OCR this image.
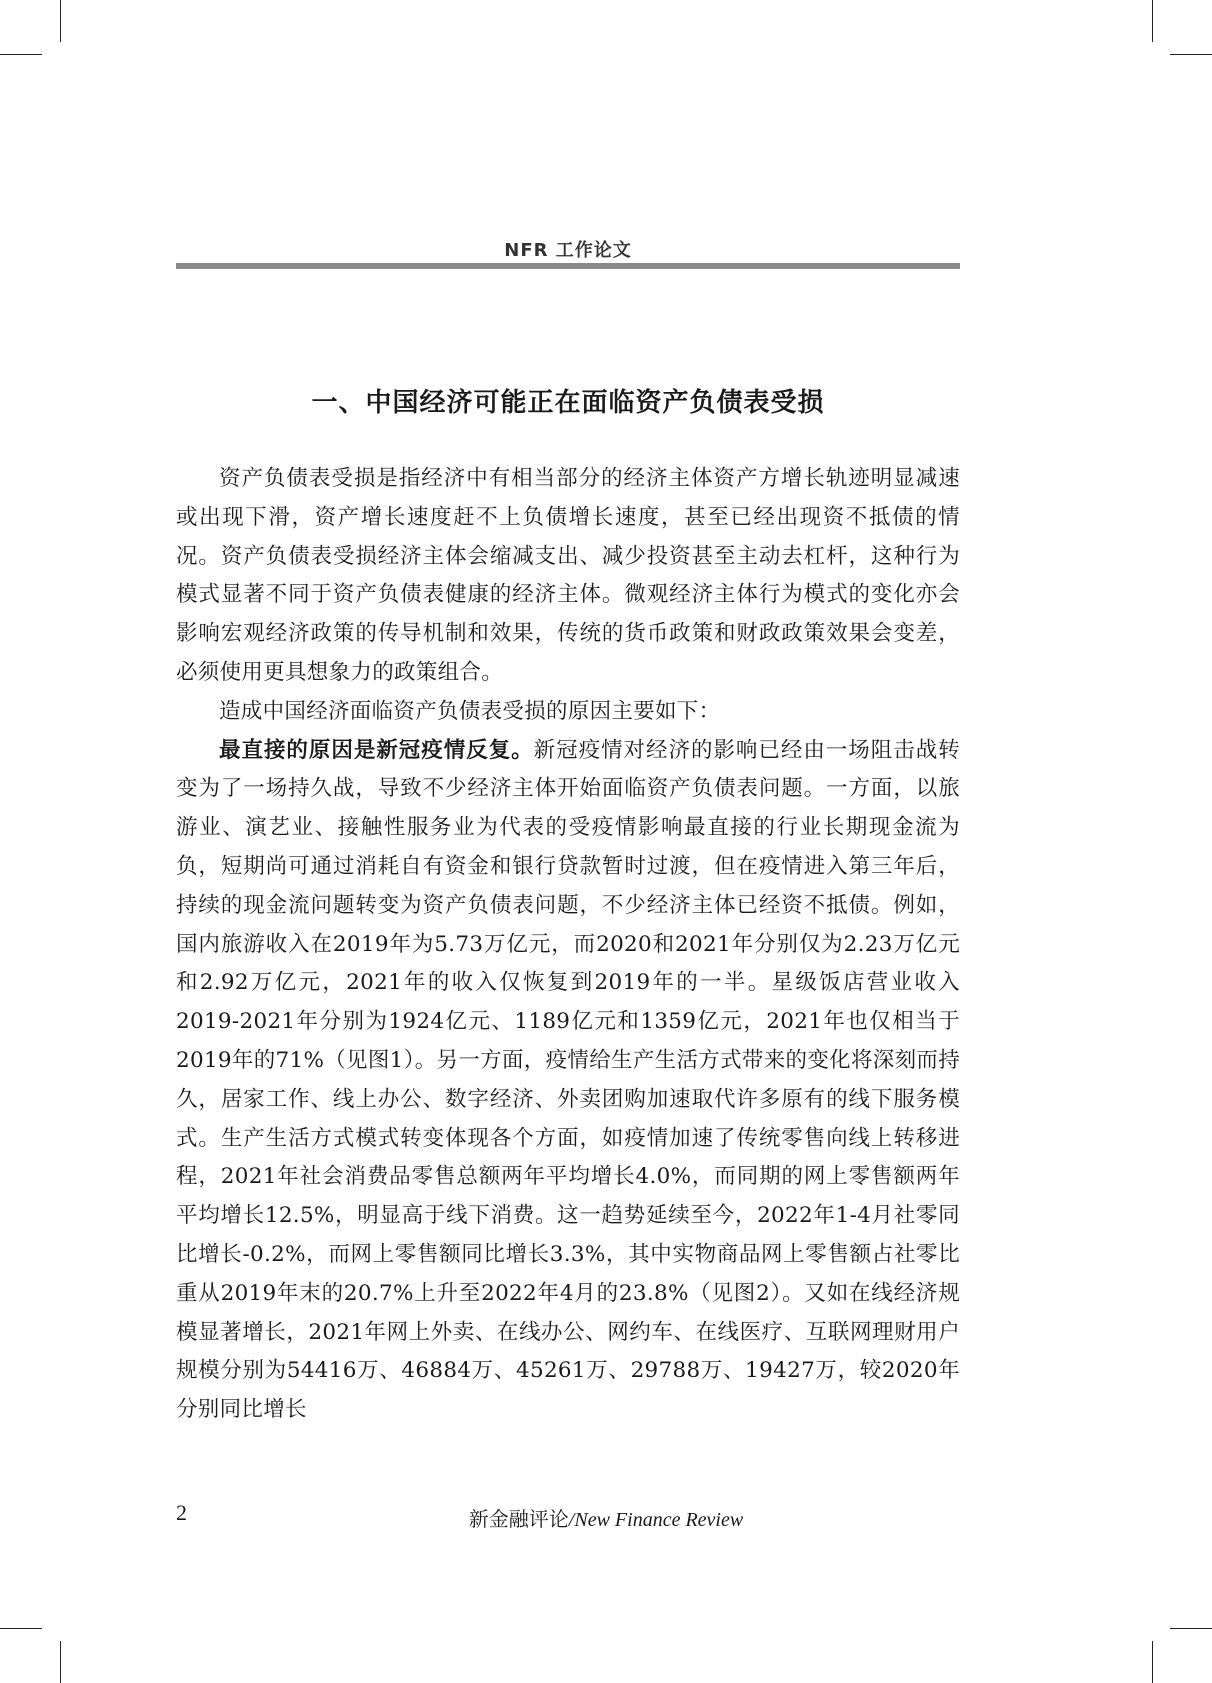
NFR 工作论文
一、中国经济可能正在面临资产负债表受损

资产负债表受损是指经济中有相当部分的经济主体资产方增长轨迹明显减速或出现下滑，资产增长速度赶不上负债增长速度，甚至已经出现资不抵债的情况。资产负债表受损经济主体会缩减支出、减少投资甚至主动去杠杆，这种行为模式显著不同于资产负债表健康的经济主体。微观经济主体行为模式的变化亦会影响宏观经济政策的传导机制和效果，传统的货币政策和财政政策效果会变差，必须使用更具想象力的政策组合。

造成中国经济面临资产负债表受损的原因主要如下：

最直接的原因是新冠疫情反复。新冠疫情对经济的影响已经由一场阻击战转变为了一场持久战，导致不少经济主体开始面临资产负债表问题。一方面，以旅游业、演艺业、接触性服务业为代表的受疫情影响最直接的行业长期现金流为负，短期尚可通过消耗自有资金和银行贷款暂时过渡，但在疫情进入第三年后，持续的现金流问题转变为资产负债表问题，不少经济主体已经资不抵债。例如，国内旅游收入在2019年为5.73万亿元，而2020和2021年分别仅为2.23万亿元和2.92万亿元，2021年的收入仅恢复到2019年的一半。星级饭店营业收入2019-2021年分别为1924亿元、1189亿元和1359亿元，2021年也仅相当于2019年的71%（见图1）。另一方面，疫情给生产生活方式带来的变化将深刻而持久，居家工作、线上办公、数字经济、外卖团购加速取代许多原有的线下服务模式。生产生活方式模式转变体现各个方面，如疫情加速了传统零售向线上转移进程，2021年社会消费品零售总额两年平均增长4.0%，而同期的网上零售额两年平均增长12.5%，明显高于线下消费。这一趋势延续至今，2022年1-4月社零同比增长-0.2%，而网上零售额同比增长3.3%，其中实物商品网上零售额占社零比重从2019年末的20.7%上升至2022年4月的23.8%（见图2）。又如在线经济规模显著增长，2021年网上外卖、在线办公、网约车、在线医疗、互联网理财用户规模分别为54416万、46884万、45261万、29788万、19427万，较2020年分别同比增长

2	新金融评论/New Finance Review
